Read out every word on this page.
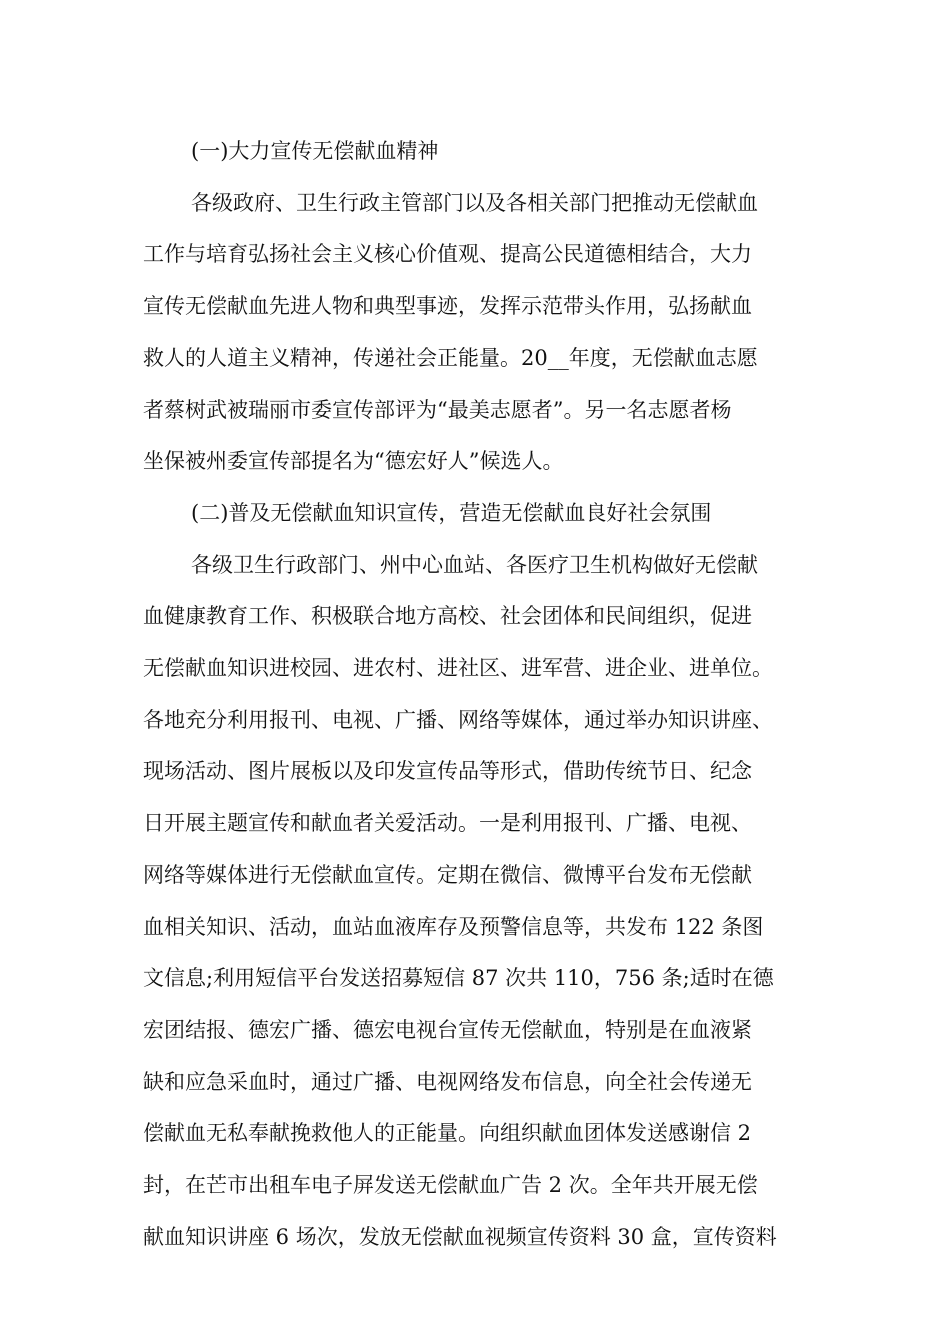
(一)大力宣传无偿献血精神

各级政府、卫生行政主管部门以及各相关部门把推动无偿献血
工作与培育弘扬社会主义核心价值观、提高公民道德相结合，大力
宣传无偿献血先进人物和典型事迹，发挥示范带头作用，弘扬献血
救人的人道主义精神，传递社会正能量。20__年度，无偿献血志愿
者蔡树武被瑞丽市委宣传部评为“最美志愿者”。另一名志愿者杨
坐保被州委宣传部提名为“德宏好人”候选人。

(二)普及无偿献血知识宣传，营造无偿献血良好社会氛围

各级卫生行政部门、州中心血站、各医疗卫生机构做好无偿献
血健康教育工作、积极联合地方高校、社会团体和民间组织，促进
无偿献血知识进校园、进农村、进社区、进军营、进企业、进单位。
各地充分利用报刊、电视、广播、网络等媒体，通过举办知识讲座、
现场活动、图片展板以及印发宣传品等形式，借助传统节日、纪念
日开展主题宣传和献血者关爱活动。一是利用报刊、广播、电视、
网络等媒体进行无偿献血宣传。定期在微信、微博平台发布无偿献
血相关知识、活动，血站血液库存及预警信息等，共发布 122 条图
文信息;利用短信平台发送招募短信 87 次共 110，756 条;适时在德
宏团结报、德宏广播、德宏电视台宣传无偿献血，特别是在血液紧
缺和应急采血时，通过广播、电视网络发布信息，向全社会传递无
偿献血无私奉献挽救他人的正能量。向组织献血团体发送感谢信 2
封，在芒市出租车电子屏发送无偿献血广告 2 次。全年共开展无偿
献血知识讲座 6 场次，发放无偿献血视频宣传资料 30 盒，宣传资料
